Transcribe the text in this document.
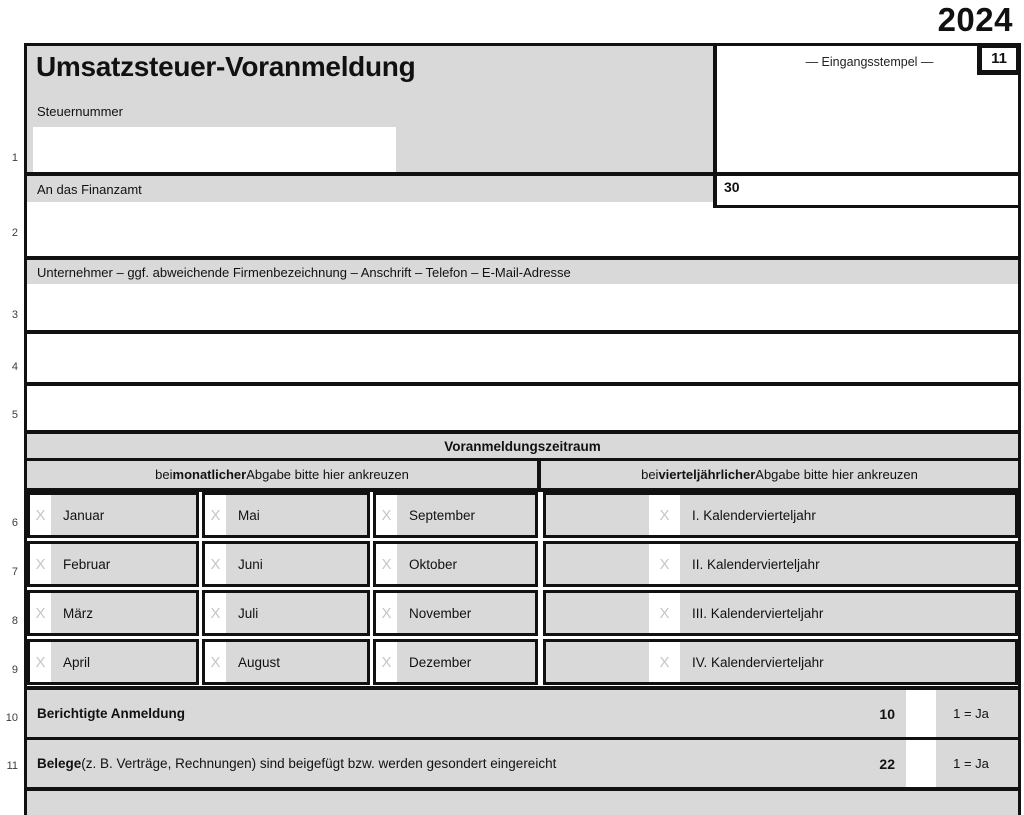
2024
1
2
3
4
5
6
7
8
9
10
11
Umsatzsteuer-Voranmeldung
Steuernummer
— Eingangsstempel —	11
An das Finanzamt	30
Unternehmer – ggf. abweichende Firmenbezeichnung – Anschrift – Telefon – E-Mail-Adresse
Voranmeldungszeitraum
bei monatlicher Abgabe bitte hier ankreuzen	bei vierteljährlicher Abgabe bitte hier ankreuzen
X Januar	X Mai	X September	X I. Kalendervierteljahr
X Februar	X Juni	X Oktober	X II. Kalendervierteljahr
X März	X Juli	X November	X III. Kalendervierteljahr
X April	X August	X Dezember	X IV. Kalendervierteljahr
Berichtigte Anmeldung	10	1 = Ja
Belege (z. B. Verträge, Rechnungen) sind beigefügt bzw. werden gesondert eingereicht	22	1 = Ja
